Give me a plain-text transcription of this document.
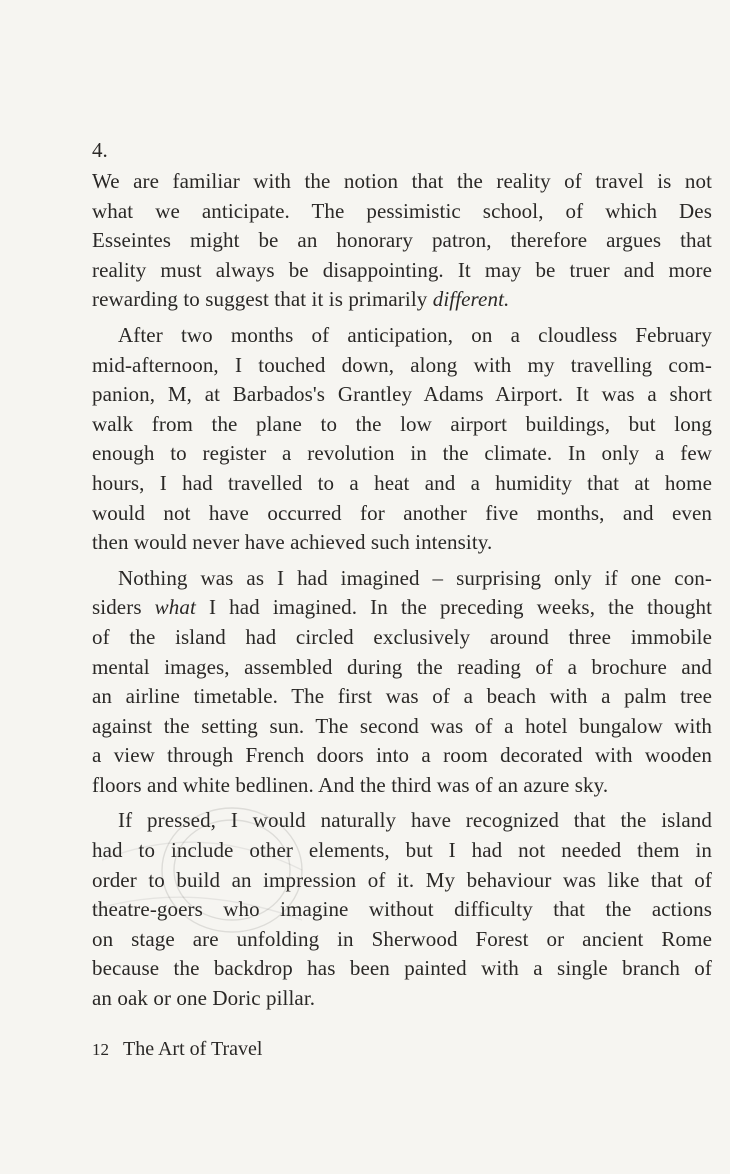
4.
We are familiar with the notion that the reality of travel is not
what we anticipate. The pessimistic school, of which Des
Esseintes might be an honorary patron, therefore argues that
reality must always be disappointing. It may be truer and more
rewarding to suggest that it is primarily different.
After two months of anticipation, on a cloudless February
mid-afternoon, I touched down, along with my travelling com-
panion, M, at Barbados's Grantley Adams Airport. It was a short
walk from the plane to the low airport buildings, but long
enough to register a revolution in the climate. In only a few
hours, I had travelled to a heat and a humidity that at home
would not have occurred for another five months, and even
then would never have achieved such intensity.
Nothing was as I had imagined – surprising only if one con-
siders what I had imagined. In the preceding weeks, the thought
of the island had circled exclusively around three immobile
mental images, assembled during the reading of a brochure and
an airline timetable. The first was of a beach with a palm tree
against the setting sun. The second was of a hotel bungalow with
a view through French doors into a room decorated with wooden
floors and white bedlinen. And the third was of an azure sky.
If pressed, I would naturally have recognized that the island
had to include other elements, but I had not needed them in
order to build an impression of it. My behaviour was like that of
theatre-goers who imagine without difficulty that the actions
on stage are unfolding in Sherwood Forest or ancient Rome
because the backdrop has been painted with a single branch of
an oak or one Doric pillar.
12 The Art of Travel
